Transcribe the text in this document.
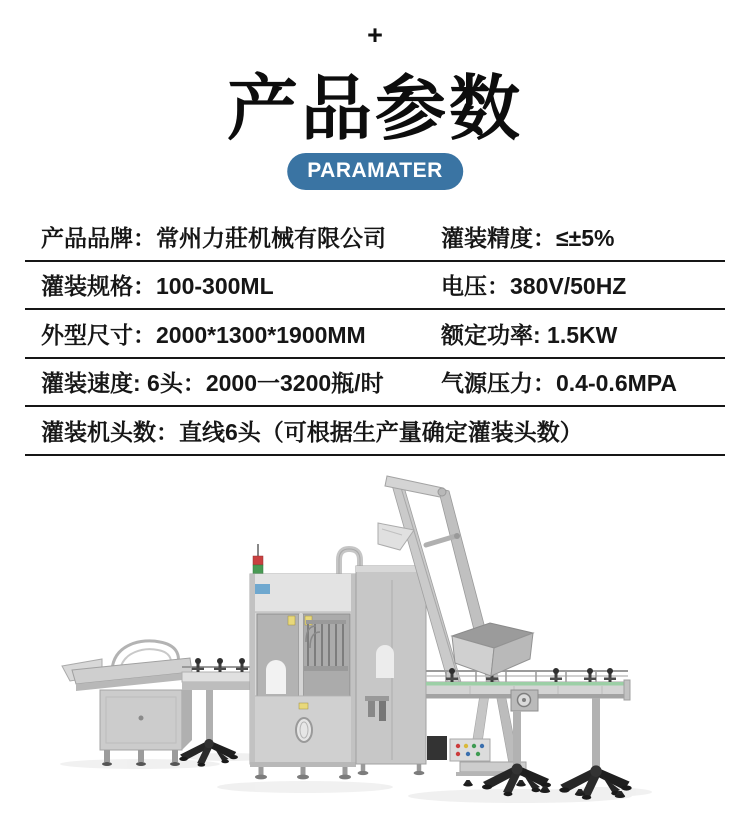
+
产品参数
PARAMATER
产品品牌：常州力莊机械有限公司	灌装精度：≤±5%
灌装规格：100-300ML	电压：380V/50HZ
外型尺寸：2000*1300*1900MM	额定功率: 1.5KW
灌装速度: 6头：2000一3200瓶/时	气源压力：0.4-0.6MPA
灌装机头数：直线6头（可根据生产量确定灌装头数）
